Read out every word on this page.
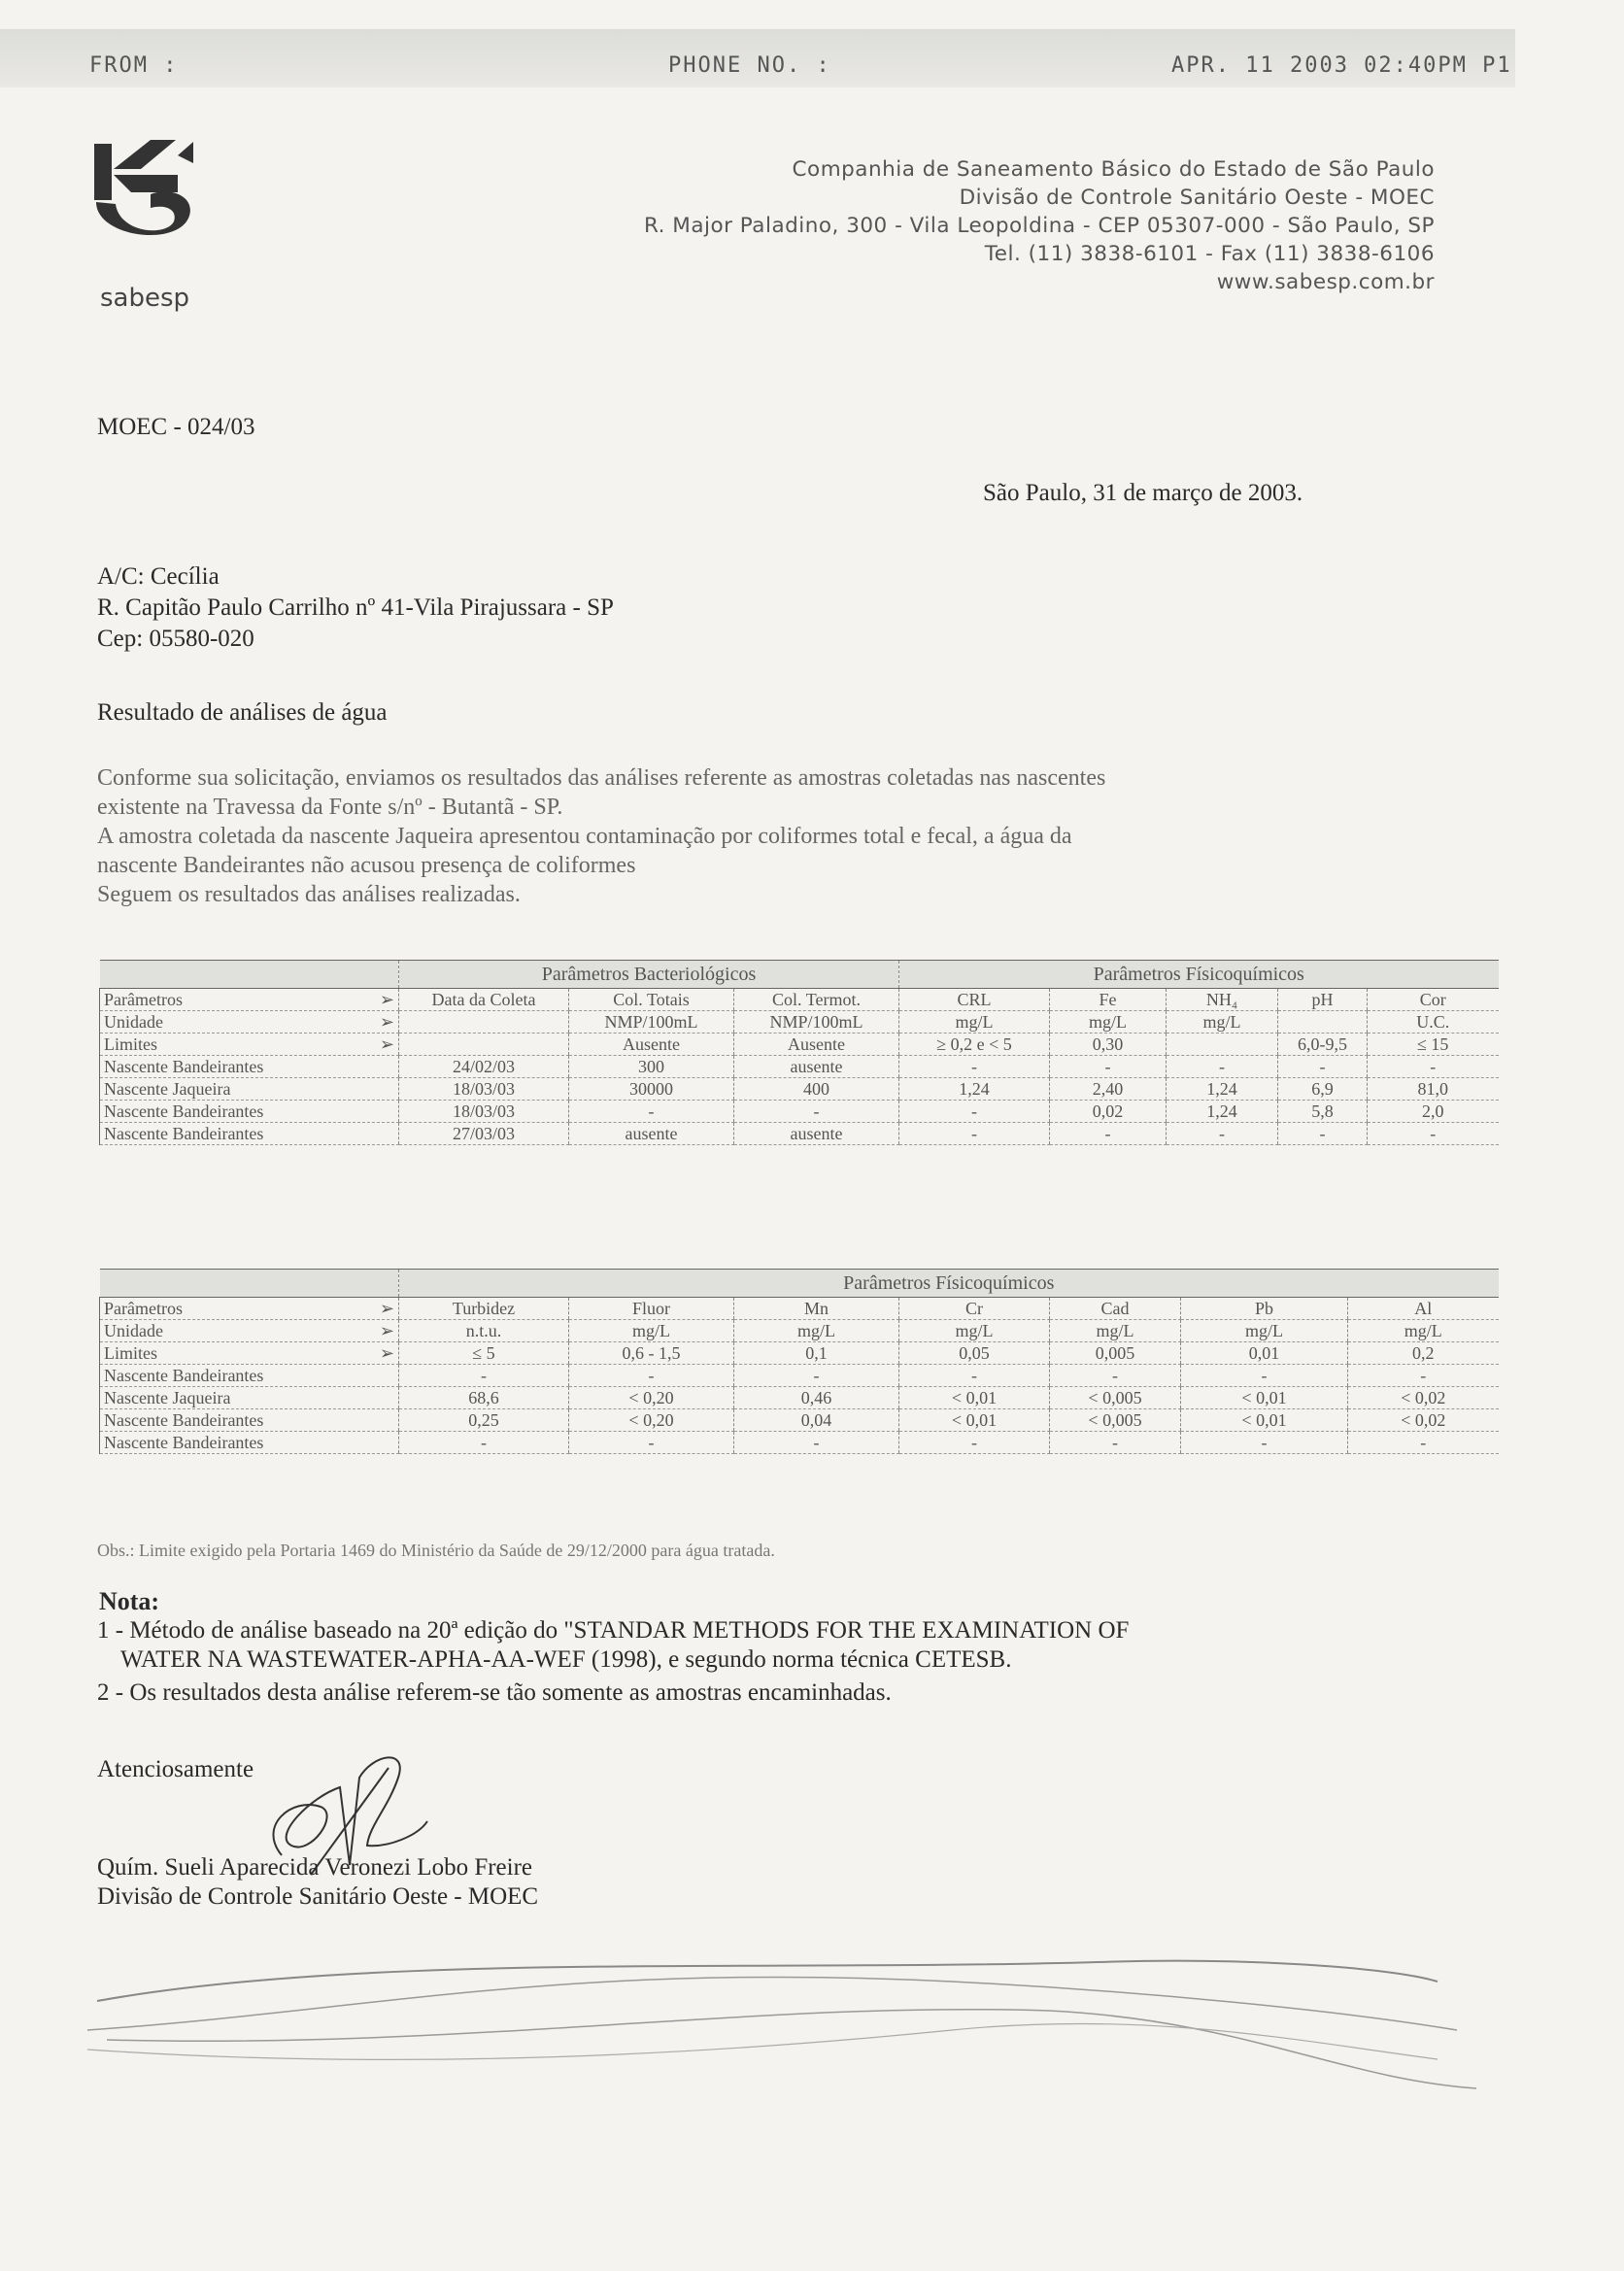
FROM :	PHONE NO. :	APR. 11 2003 02:40PM P1
sabesp
Companhia de Saneamento Básico do Estado de São Paulo
Divisão de Controle Sanitário Oeste - MOEC
R. Major Paladino, 300 - Vila Leopoldina - CEP 05307-000 - São Paulo, SP
Tel. (11) 3838-6101 - Fax (11) 3838-6106
www.sabesp.com.br
MOEC - 024/03
São Paulo, 31 de março de 2003.
A/C: Cecília
R. Capitão Paulo Carrilho nº 41-Vila Pirajussara - SP
Cep: 05580-020
Resultado de análises de água
Conforme sua solicitação, enviamos os resultados das análises referente as amostras coletadas nas nascentes
existente na Travessa da Fonte s/nº - Butantã - SP.
A amostra coletada da nascente Jaqueira apresentou contaminação por coliformes total e fecal, a água da
nascente Bandeirantes não acusou presença de coliformes
Seguem os resultados das análises realizadas.
	Parâmetros Bacteriológicos			Parâmetros Físicoquímicos				
Parâmetros ➢	Data da Coleta	Col. Totais	Col. Termot.	CRL	Fe	NH₄	pH	Cor
Unidade ➢		NMP/100mL	NMP/100mL	mg/L	mg/L	mg/L		U.C.
Limites ➢		Ausente	Ausente	≥ 0,2 e < 5	0,30		6,0-9,5	≤ 15
Nascente Bandeirantes	24/02/03	300	ausente	-	-	-	-	-
Nascente Jaqueira	18/03/03	30000	400	1,24	2,40	1,24	6,9	81,0
Nascente Bandeirantes	18/03/03	-	-	-	0,02	1,24	5,8	2,0
Nascente Bandeirantes	27/03/03	ausente	ausente	-	-	-	-	-
	Parâmetros Físicoquímicos						
Parâmetros ➢	Turbidez	Fluor	Mn	Cr	Cad	Pb	Al
Unidade ➢	n.t.u.	mg/L	mg/L	mg/L	mg/L	mg/L	mg/L
Limites ➢	≤ 5	0,6 - 1,5	0,1	0,05	0,005	0,01	0,2
Nascente Bandeirantes	-	-	-	-	-	-	-
Nascente Jaqueira	68,6	< 0,20	0,46	< 0,01	< 0,005	< 0,01	< 0,02
Nascente Bandeirantes	0,25	< 0,20	0,04	< 0,01	< 0,005	< 0,01	< 0,02
Nascente Bandeirantes	-	-	-	-	-	-	-
Obs.: Limite exigido pela Portaria 1469 do Ministério da Saúde de 29/12/2000 para água tratada.
Nota:
1 - Método de análise baseado na 20ª edição do "STANDAR METHODS FOR THE EXAMINATION OF
WATER NA WASTEWATER-APHA-AA-WEF (1998), e segundo norma técnica CETESB.
2 - Os resultados desta análise referem-se tão somente as amostras encaminhadas.
Atenciosamente
Quím. Sueli Aparecida Veronezi Lobo Freire
Divisão de Controle Sanitário Oeste - MOEC
